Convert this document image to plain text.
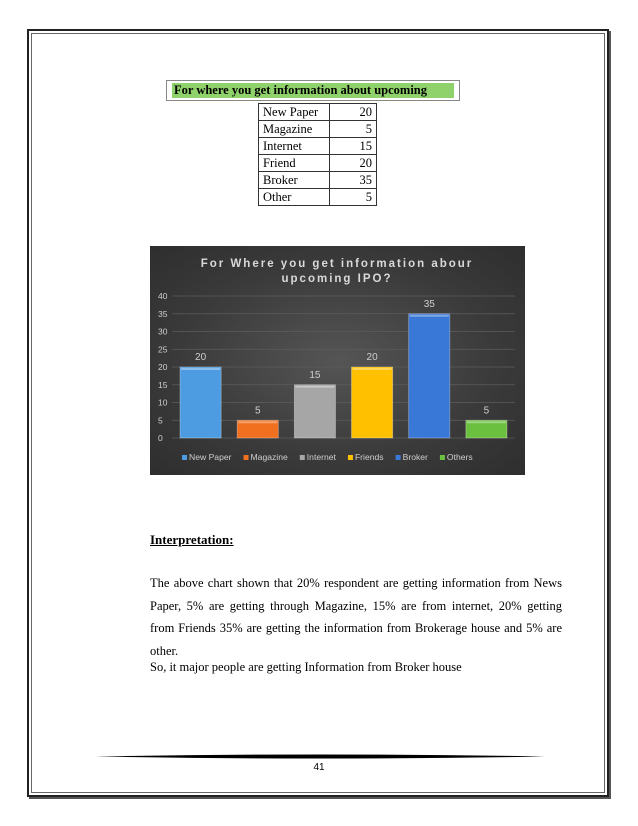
For where you get information about upcoming
New Paper	20
Magazine	5
Internet	15
Friend	20
Broker	35
Other	5
For Where you get information abour
upcoming IPO?
0
5
10
15
20
25
30
35
40
20
5
15
20
35
5
New Paper Magazine Internet Friends Broker Others
Interpretation:
The above chart shown that 20% respondent are getting information from News Paper, 5% are getting through Magazine, 15% are from internet, 20% getting from Friends 35% are getting the information from Brokerage house and 5% are other.
So, it major people are getting Information from Broker house
41
